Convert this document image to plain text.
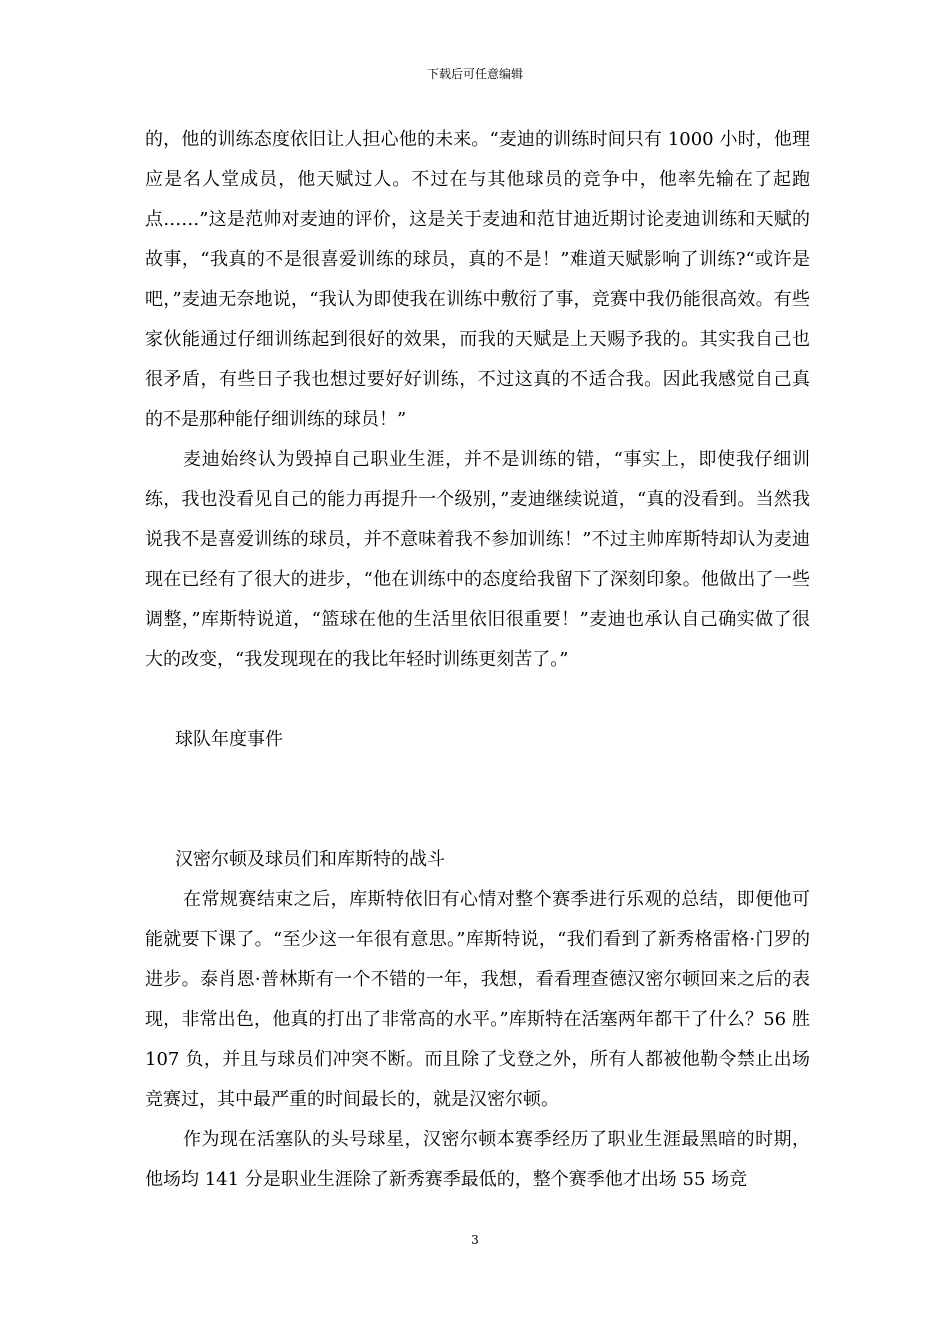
下载后可任意编辑

的，他的训练态度依旧让人担心他的未来。“麦迪的训练时间只有 1000 小时，他理应是名人堂成员，他天赋过人。不过在与其他球员的竞争中，他率先输在了起跑点……”这是范帅对麦迪的评价，这是关于麦迪和范甘迪近期讨论麦迪训练和天赋的故事，“我真的不是很喜爱训练的球员，真的不是！”难道天赋影响了训练?“或许是吧，”麦迪无奈地说，“我认为即使我在训练中敷衍了事，竞赛中我仍能很高效。有些家伙能通过仔细训练起到很好的效果，而我的天赋是上天赐予我的。其实我自己也很矛盾，有些日子我也想过要好好训练，不过这真的不适合我。因此我感觉自己真的不是那种能仔细训练的球员！”

麦迪始终认为毁掉自己职业生涯，并不是训练的错，“事实上，即使我仔细训练，我也没看见自己的能力再提升一个级别，”麦迪继续说道，“真的没看到。当然我说我不是喜爱训练的球员，并不意味着我不参加训练！”不过主帅库斯特却认为麦迪现在已经有了很大的进步，“他在训练中的态度给我留下了深刻印象。他做出了一些调整，”库斯特说道，“篮球在他的生活里依旧很重要！”麦迪也承认自己确实做了很大的改变，“我发现现在的我比年轻时训练更刻苦了。”

球队年度事件

汉密尔顿及球员们和库斯特的战斗

在常规赛结束之后，库斯特依旧有心情对整个赛季进行乐观的总结，即便他可能就要下课了。“至少这一年很有意思。”库斯特说，“我们看到了新秀格雷格·门罗的进步。泰肖恩·普林斯有一个不错的一年，我想，看看理查德汉密尔顿回来之后的表现，非常出色，他真的打出了非常高的水平。”库斯特在活塞两年都干了什么？56 胜 107 负，并且与球员们冲突不断。而且除了戈登之外，所有人都被他勒令禁止出场竞赛过，其中最严重的时间最长的，就是汉密尔顿。

作为现在活塞队的头号球星，汉密尔顿本赛季经历了职业生涯最黑暗的时期，他场均 141 分是职业生涯除了新秀赛季最低的，整个赛季他才出场 55 场竞

3
